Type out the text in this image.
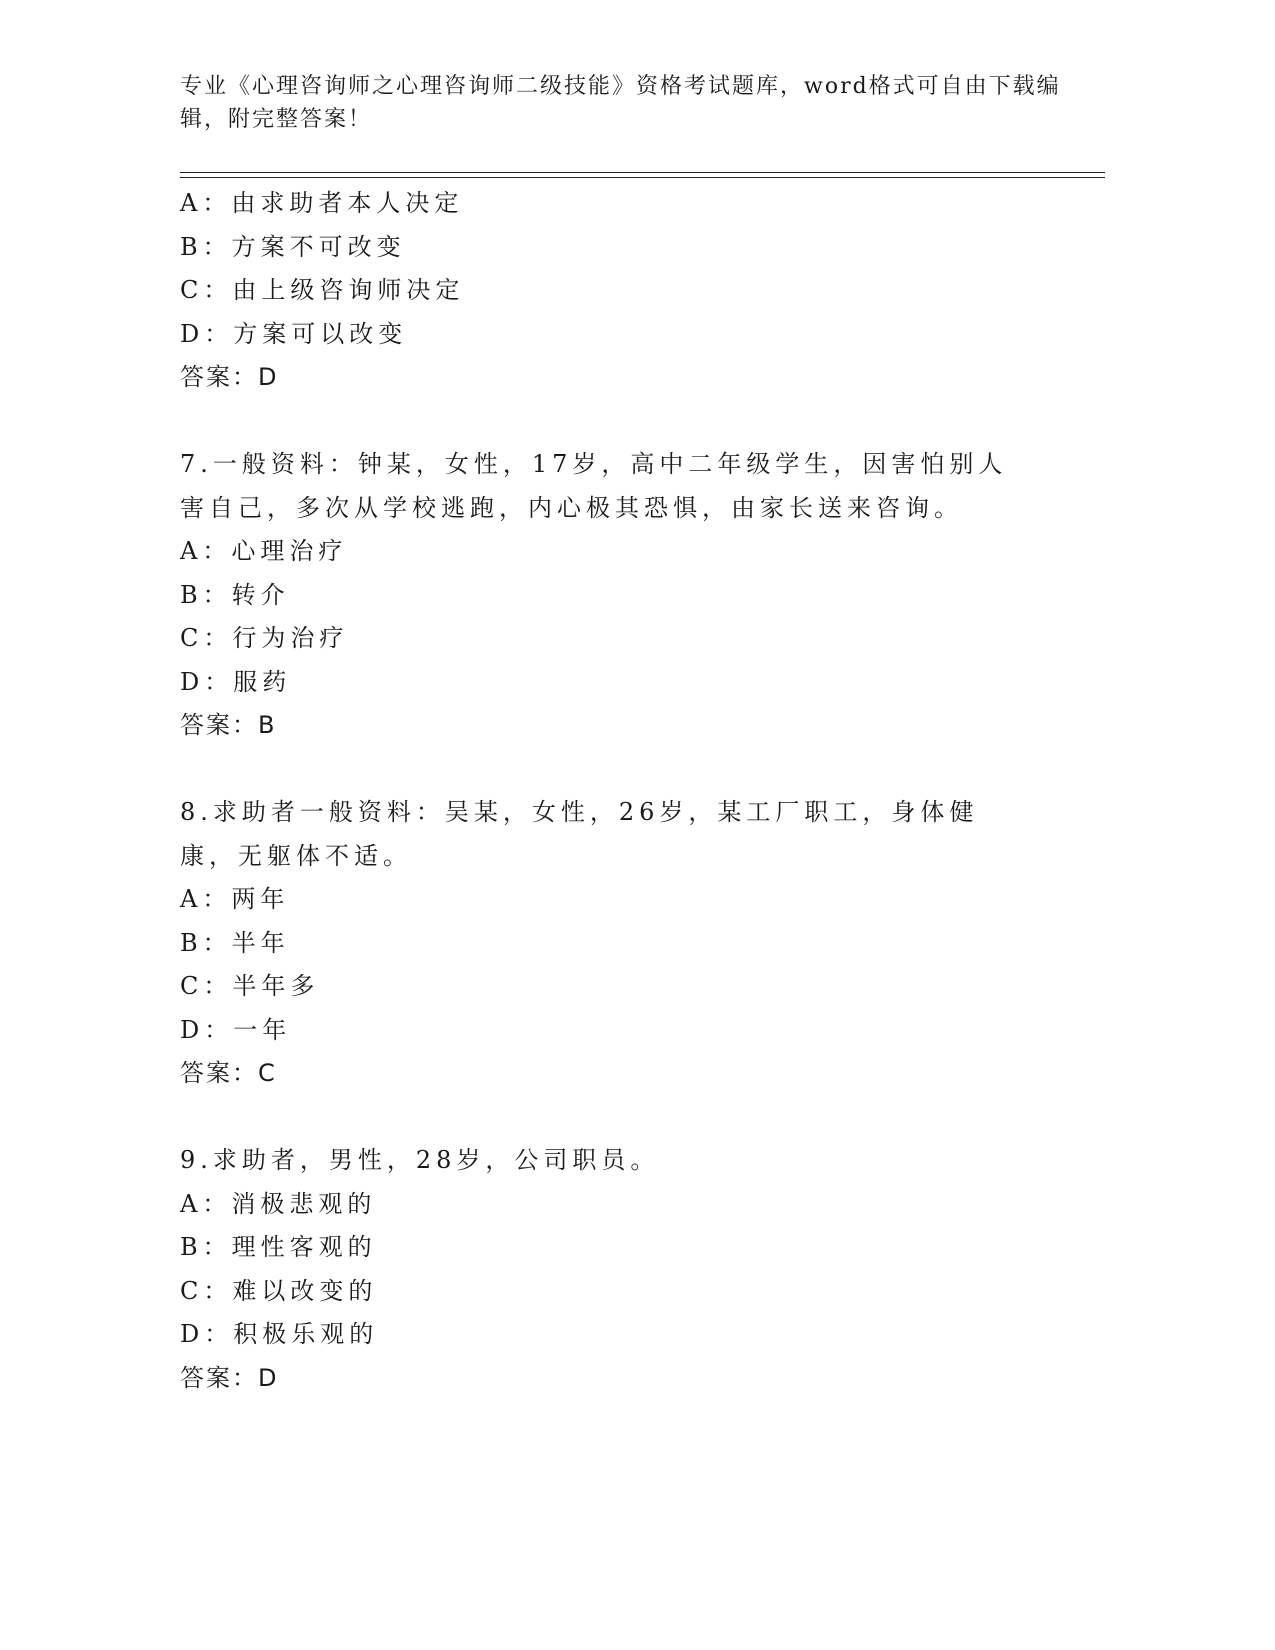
专业《心理咨询师之心理咨询师二级技能》资格考试题库，word格式可自由下载编辑，附完整答案！
A：由求助者本人决定
B：方案不可改变
C：由上级咨询师决定
D：方案可以改变
答案：D
7.一般资料：钟某，女性，17岁，高中二年级学生，因害怕别人害自己，多次从学校逃跑，内心极其恐惧，由家长送来咨询。
A：心理治疗
B：转介
C：行为治疗
D：服药
答案：B
8.求助者一般资料：吴某，女性，26岁，某工厂职工，身体健康，无躯体不适。
A：两年
B：半年
C：半年多
D：一年
答案：C
9.求助者，男性，28岁，公司职员。
A：消极悲观的
B：理性客观的
C：难以改变的
D：积极乐观的
答案：D
